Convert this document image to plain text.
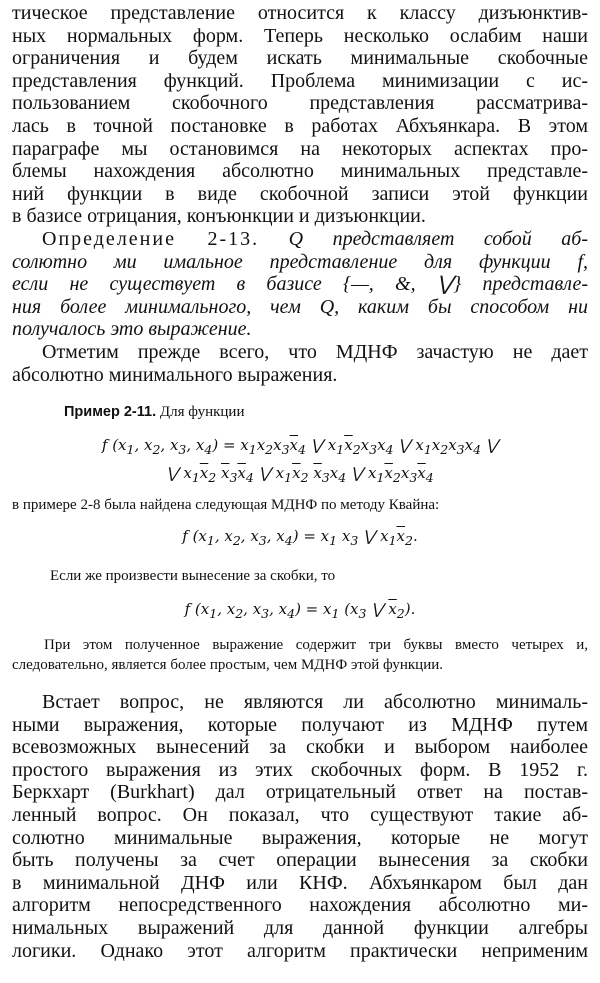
тическое представление относится к классу дизъюнктив-

ных нормальных форм. Теперь несколько ослабим наши

ограничения и будем искать минимальные скобочные

представления функций. Проблема минимизации с ис-

пользованием скобочного представления рассматрива-

лась в точной постановке в работах Абхъянкара. В этом

параграфе мы остановимся на некоторых аспектах про-

блемы нахождения абсолютно минимальных представле-

ний функции в виде скобочной записи этой функции

в базисе отрицания, конъюнкции и дизъюнкции.

Определение 2-13. Q представляет собой аб-

солютно ми имальное представление для функции f,

если не существует в базисе {—, &, ⋁} представле-

ния более минимального, чем Q, каким бы способом ни

получалось это выражение.

Отметим прежде всего, что МДНФ зачастую не дает

абсолютно минимального выражения.

Пример 2-11. Для функции

f ($x_1$, $x_2$, $x_3$, $x_4) = x_1x_2x_3\overline{x}_4$ ⋁ $x_1\overline{x}_2x_3x_4$ ⋁ $x_1x_2x_3x_4$ ⋁
⋁ $x_1\overline{x}_2$ $\overline{x}_3\overline{x}_4$ ⋁ $x_1\overline{x}_2$ $\overline{x}_3x_4$ ⋁ $x_1\overline{x}_2x_3\overline{x}_4$

в примере 2-8 была найдена следующая МДНФ по методу Квайна:

f ($x_1$, $x_2$, $x_3$, $x_4) = x_1$ $x_3$ ⋁ $x_1\overline{x}_2$.

Если же произвести вынесение за скобки, то

f ($x_1$, $x_2$, $x_3$, $x_4) = x_1$ ($x_3$ ⋁ $\overline{x}_2$).
При этом полученное выражение содержит три буквы вместо четырех и, следовательно, является более простым, чем МДНФ этой функции.

Встает вопрос, не являются ли абсолютно минималь-

ными выражения, которые получают из МДНФ путем

всевозможных вынесений за скобки и выбором наиболее

простого выражения из этих скобочных форм. В 1952 г.

Беркхарт (Burkhart) дал отрицательный ответ на постав-

ленный вопрос. Он показал, что существуют такие аб-

солютно минимальные выражения, которые не могут

быть получены за счет операции вынесения за скобки

в минимальной ДНФ или КНФ. Абхъянкаром был дан

алгоритм непосредственного нахождения абсолютно ми-

нимальных выражений для данной функции алгебры

логики. Однако этот алгоритм практически неприменим
